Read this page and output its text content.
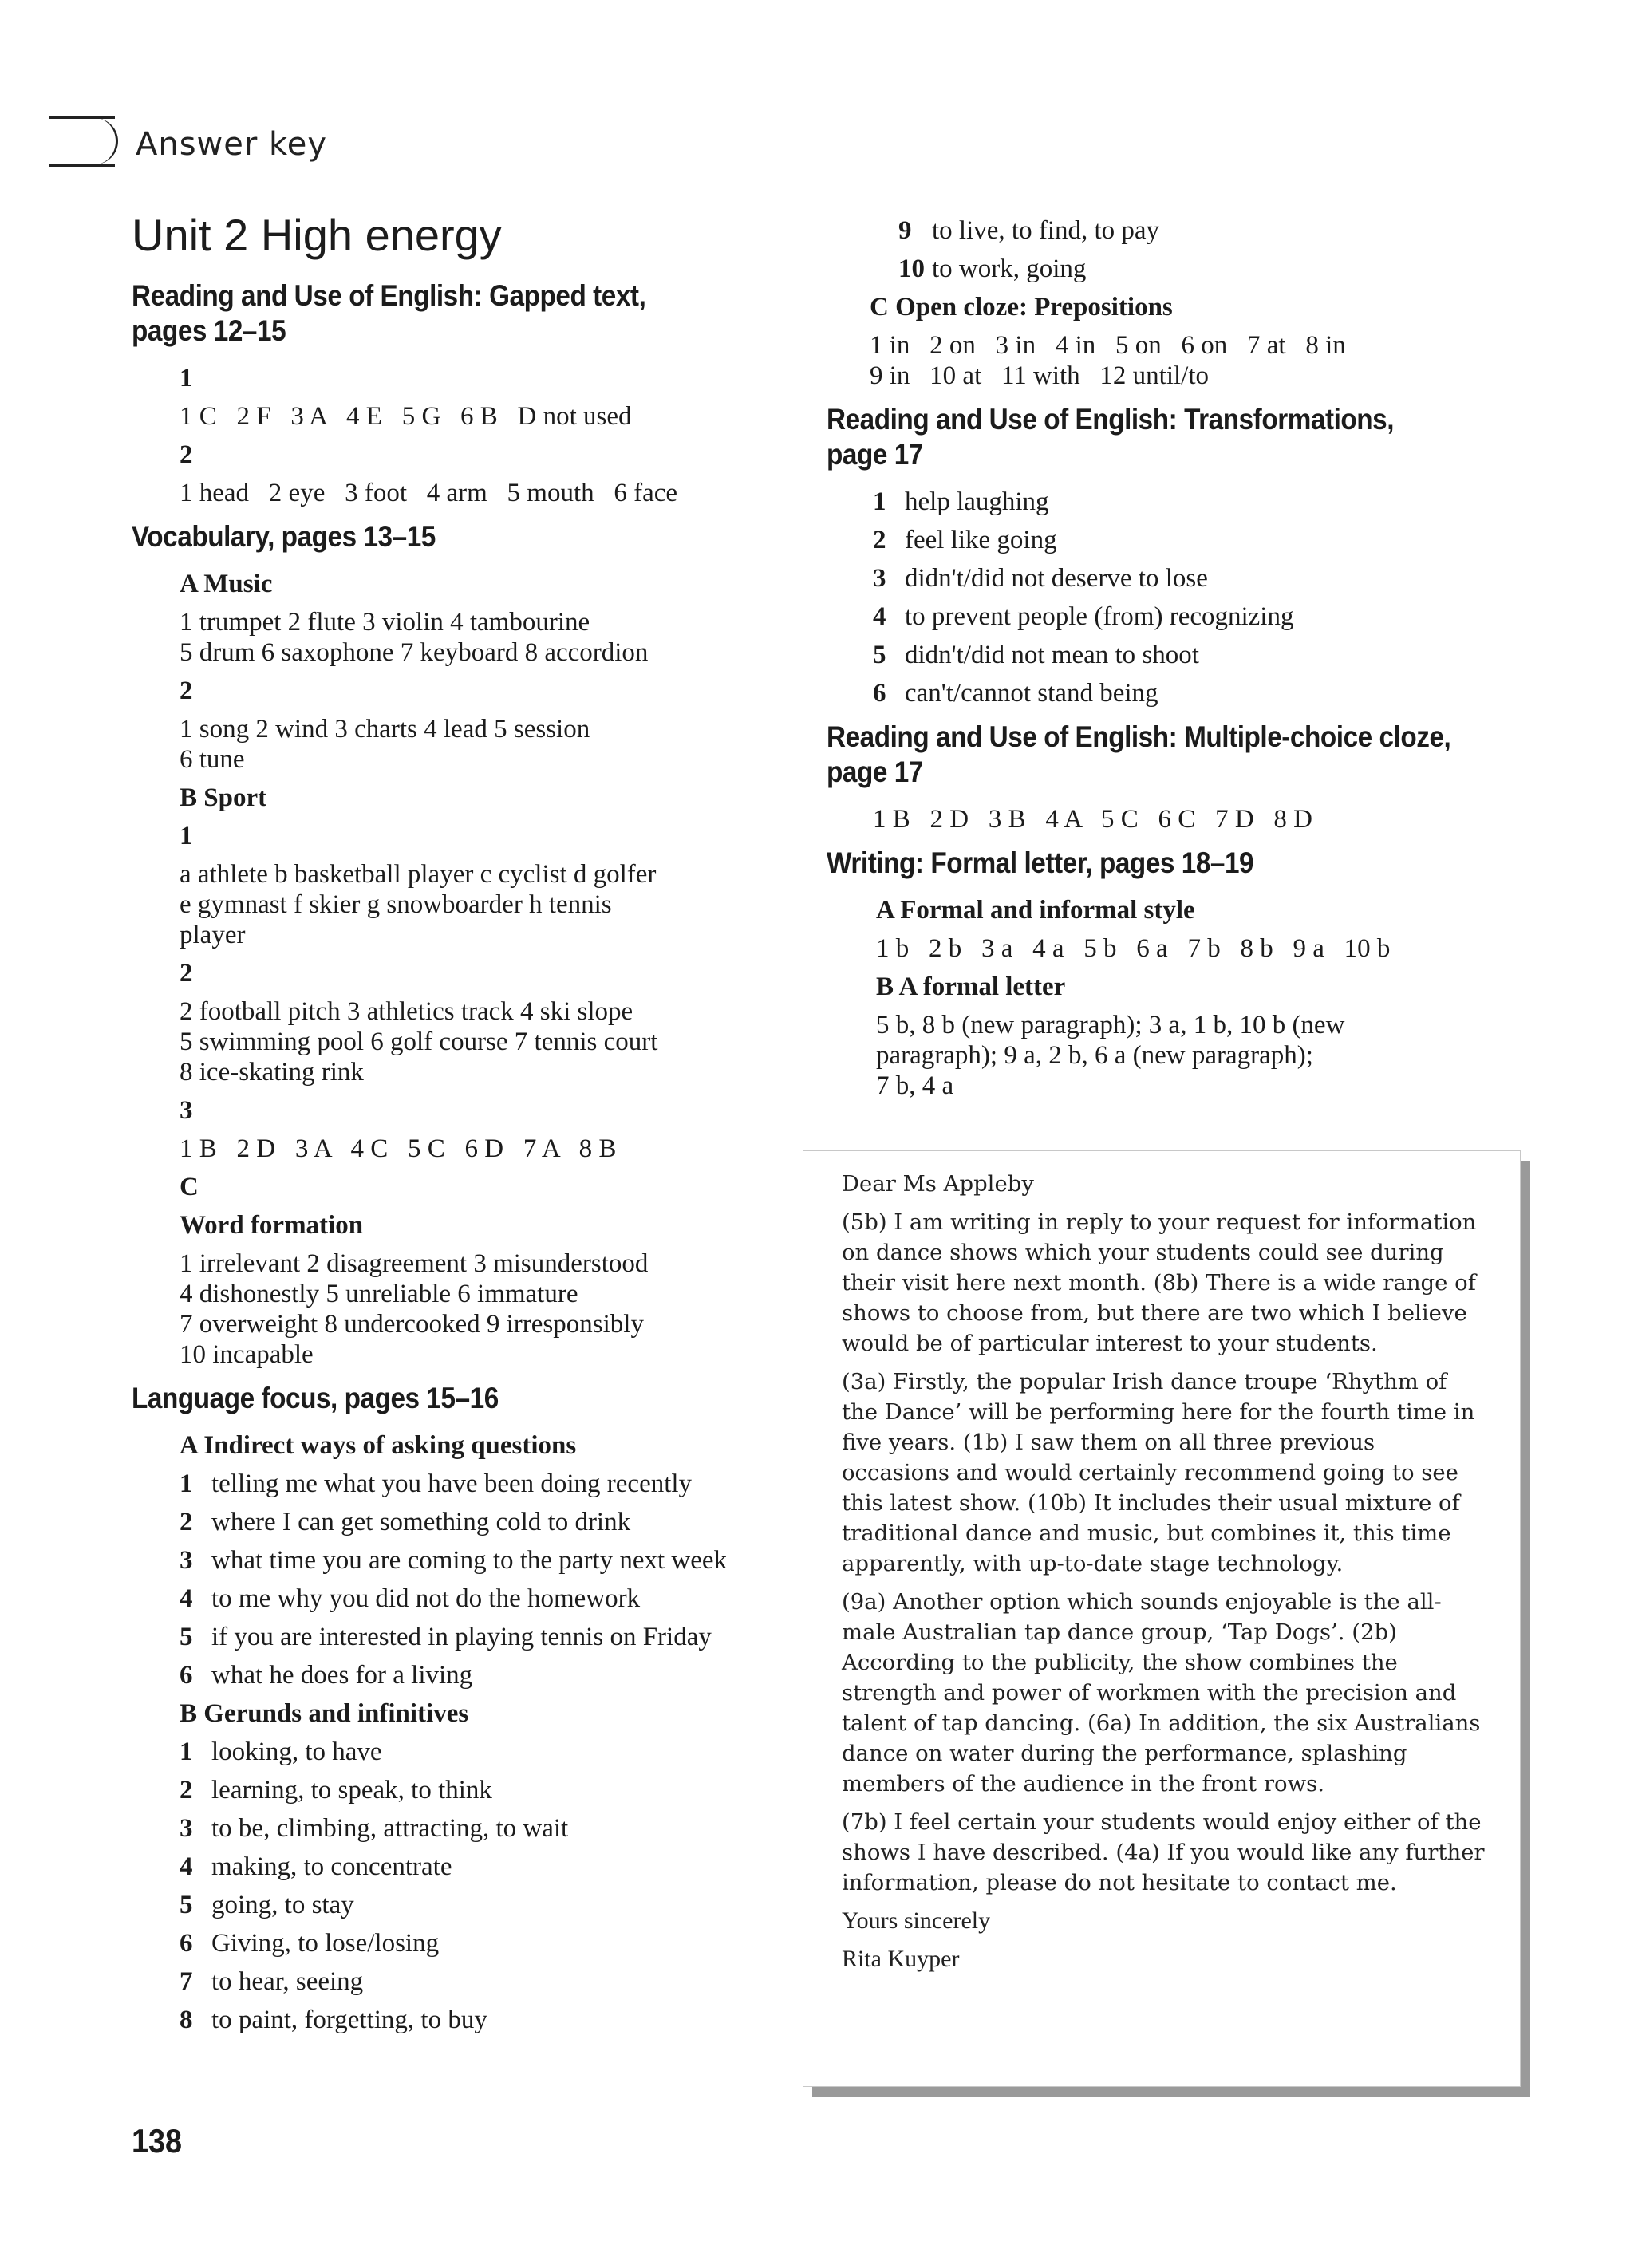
Answer key
Unit 2 High energy
Reading and Use of English: Gapped text, pages 12–15
1
1 C   2 F   3 A   4 E   5 G   6 B   D not used
2
1 head   2 eye   3 foot   4 arm   5 mouth   6 face
Vocabulary, pages 13–15
A Music
1 trumpet 2 flute 3 violin 4 tambourine
5 drum 6 saxophone 7 keyboard 8 accordion
2
1 song 2 wind 3 charts 4 lead 5 session
6 tune
B Sport
1
a athlete b basketball player c cyclist d golfer
e gymnast f skier g snowboarder h tennis
player
2
2 football pitch 3 athletics track 4 ski slope
5 swimming pool 6 golf course 7 tennis court
8 ice-skating rink
3
1 B   2 D   3 A   4 C   5 C   6 D   7 A   8 B
C
Word formation
1 irrelevant 2 disagreement 3 misunderstood
4 dishonestly 5 unreliable 6 immature
7 overweight 8 undercooked 9 irresponsibly
10 incapable
Language focus, pages 15–16
A Indirect ways of asking questions
1 telling me what you have been doing recently
2 where I can get something cold to drink
3 what time you are coming to the party next week
4 to me why you did not do the homework
5 if you are interested in playing tennis on Friday
6 what he does for a living
B Gerunds and infinitives
1 looking, to have
2 learning, to speak, to think
3 to be, climbing, attracting, to wait
4 making, to concentrate
5 going, to stay
6 Giving, to lose/losing
7 to hear, seeing
8 to paint, forgetting, to buy
9 to live, to find, to pay
10 to work, going
C Open cloze: Prepositions
1 in   2 on   3 in   4 in   5 on   6 on   7 at   8 in
9 in   10 at   11 with   12 until/to
Reading and Use of English: Transformations, page 17
1 help laughing
2 feel like going
3 didn't/did not deserve to lose
4 to prevent people (from) recognizing
5 didn't/did not mean to shoot
6 can't/cannot stand being
Reading and Use of English: Multiple-choice cloze, page 17
1 B   2 D   3 B   4 A   5 C   6 C   7 D   8 D
Writing: Formal letter, pages 18–19
A Formal and informal style
1 b   2 b   3 a   4 a   5 b   6 a   7 b   8 b   9 a   10 b
B A formal letter
5 b, 8 b (new paragraph); 3 a, 1 b, 10 b (new
paragraph); 9 a, 2 b, 6 a (new paragraph);
7 b, 4 a

Dear Ms Appleby

(5b) I am writing in reply to your request for information on dance shows which your students could see during their visit here next month. (8b) There is a wide range of shows to choose from, but there are two which I believe would be of particular interest to your students.

(3a) Firstly, the popular Irish dance troupe ‘Rhythm of the Dance’ will be performing here for the fourth time in five years. (1b) I saw them on all three previous occasions and would certainly recommend going to see this latest show. (10b) It includes their usual mixture of traditional dance and music, but combines it, this time apparently, with up-to-date stage technology.

(9a) Another option which sounds enjoyable is the all-male Australian tap dance group, ‘Tap Dogs’. (2b) According to the publicity, the show combines the strength and power of workmen with the precision and talent of tap dancing. (6a) In addition, the six Australians dance on water during the performance, splashing members of the audience in the front rows.

(7b) I feel certain your students would enjoy either of the shows I have described. (4a) If you would like any further information, please do not hesitate to contact me.

Yours sincerely

Rita Kuyper

138
